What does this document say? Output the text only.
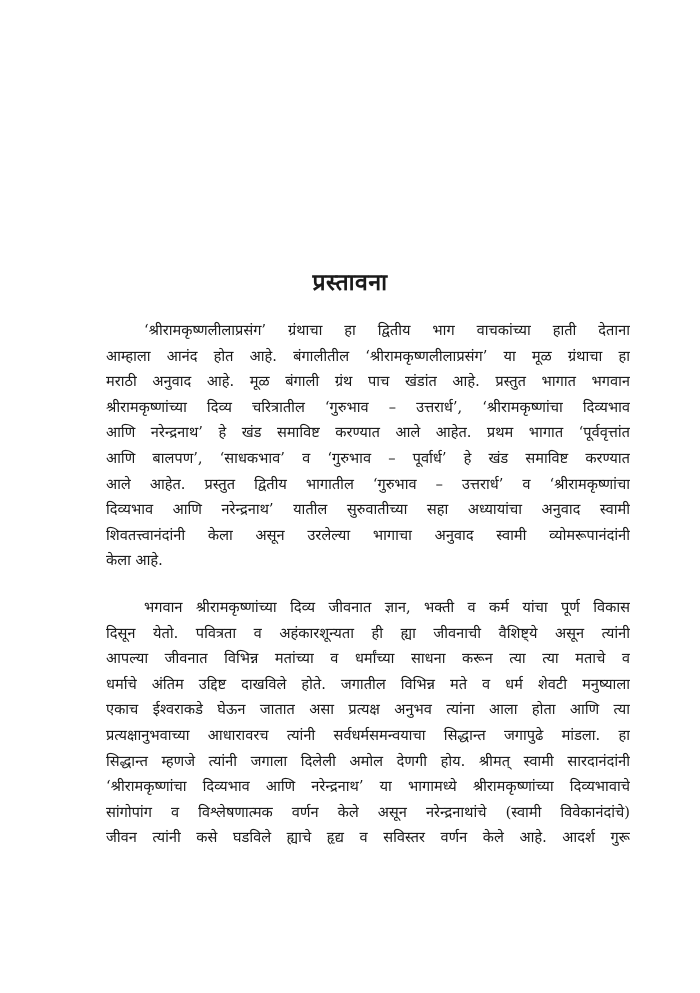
प्रस्तावना

‘श्रीरामकृष्णलीलाप्रसंग’ ग्रंथाचा हा द्वितीय भाग वाचकांच्या हाती देताना
आम्हाला आनंद होत आहे. बंगालीतील ‘श्रीरामकृष्णलीलाप्रसंग’ या मूळ ग्रंथाचा हा
मराठी अनुवाद आहे. मूळ बंगाली ग्रंथ पाच खंडांत आहे. प्रस्तुत भागात भगवान
श्रीरामकृष्णांच्या दिव्य चरित्रातील ‘गुरुभाव – उत्तरार्ध’, ‘श्रीरामकृष्णांचा दिव्यभाव
आणि नरेन्द्रनाथ’ हे खंड समाविष्ट करण्यात आले आहेत. प्रथम भागात ‘पूर्ववृत्तांत
आणि बालपण’, ‘साधकभाव’ व ‘गुरुभाव – पूर्वार्ध’ हे खंड समाविष्ट करण्यात
आले आहेत. प्रस्तुत द्वितीय भागातील ‘गुरुभाव – उत्तरार्ध’ व ‘श्रीरामकृष्णांचा
दिव्यभाव आणि नरेन्द्रनाथ’ यातील सुरुवातीच्या सहा अध्यायांचा अनुवाद स्वामी
शिवतत्त्वानंदांनी केला असून उरलेल्या भागाचा अनुवाद स्वामी व्योमरूपानंदांनी
केला आहे.

भगवान श्रीरामकृष्णांच्या दिव्य जीवनात ज्ञान, भक्ती व कर्म यांचा पूर्ण विकास
दिसून येतो. पवित्रता व अहंकारशून्यता ही ह्या जीवनाची वैशिष्ट्ये असून त्यांनी
आपल्या जीवनात विभिन्न मतांच्या व धर्मांच्या साधना करून त्या त्या मताचे व
धर्माचे अंतिम उद्दिष्ट दाखविले होते. जगातील विभिन्न मते व धर्म शेवटी मनुष्याला
एकाच ईश्वराकडे घेऊन जातात असा प्रत्यक्ष अनुभव त्यांना आला होता आणि त्या
प्रत्यक्षानुभवाच्या आधारावरच त्यांनी सर्वधर्मसमन्वयाचा सिद्धान्त जगापुढे मांडला. हा
सिद्धान्त म्हणजे त्यांनी जगाला दिलेली अमोल देणगी होय. श्रीमत् स्वामी सारदानंदांनी
‘श्रीरामकृष्णांचा दिव्यभाव आणि नरेन्द्रनाथ’ या भागामध्ये श्रीरामकृष्णांच्या दिव्यभावाचे
सांगोपांग व विश्लेषणात्मक वर्णन केले असून नरेन्द्रनाथांचे (स्वामी विवेकानंदांचे)
जीवन त्यांनी कसे घडविले ह्याचे हृद्य व सविस्तर वर्णन केले आहे. आदर्श गुरू
